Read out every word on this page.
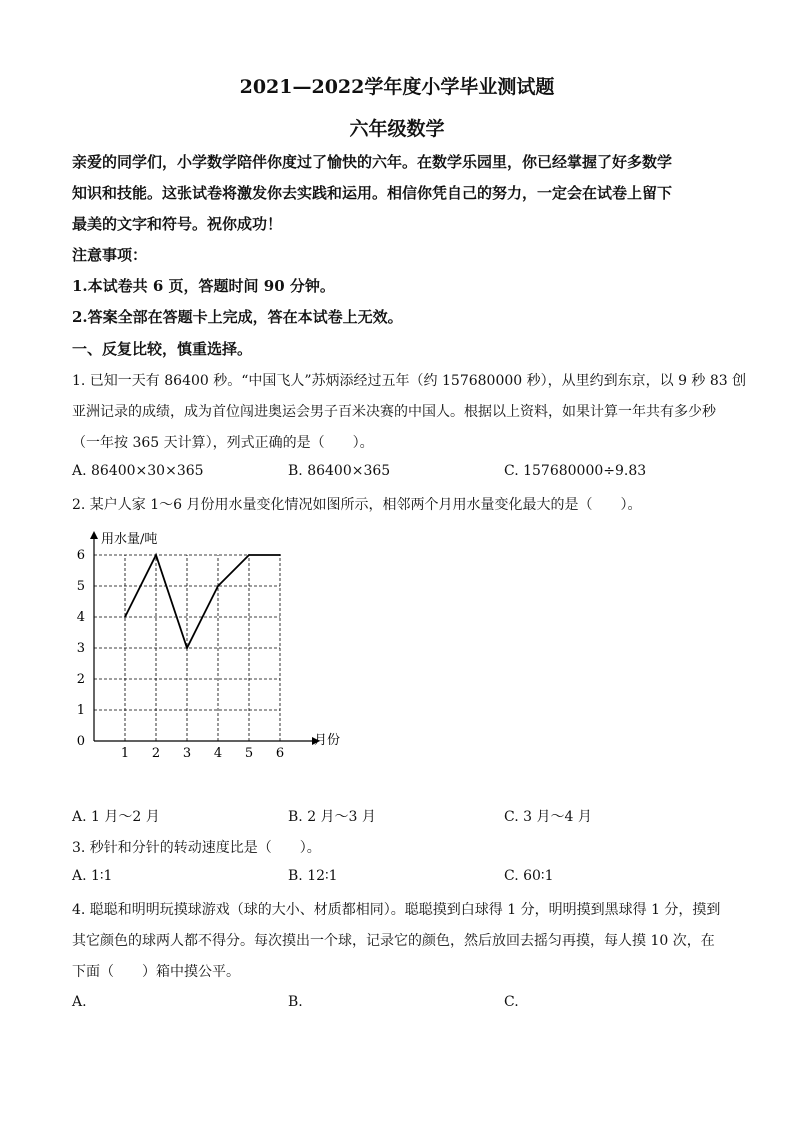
2021—2022学年度小学毕业测试题
六年级数学
亲爱的同学们，小学数学陪伴你度过了愉快的六年。在数学乐园里，你已经掌握了好多数学
知识和技能。这张试卷将激发你去实践和运用。相信你凭自己的努力，一定会在试卷上留下
最美的文字和符号。祝你成功！
注意事项：
1.本试卷共 6 页，答题时间 90 分钟。
2.答案全部在答题卡上完成，答在本试卷上无效。
一、反复比较，慎重选择。
1. 已知一天有 86400 秒。“中国飞人”苏炳添经过五年（约 157680000 秒），从里约到东京，以 9 秒 83 创
亚洲记录的成绩，成为首位闯进奥运会男子百米决赛的中国人。根据以上资料，如果计算一年共有多少秒
（一年按 365 天计算），列式正确的是（　　）。
A. 86400×30×365	B. 86400×365	C. 157680000÷9.83
2. 某户人家 1～6 月份用水量变化情况如图所示，相邻两个月用水量变化最大的是（　　）。
1 2 3 4 5 6
0
1
2
3
4
5
6
用水量/吨
月份
A. 1 月～2 月	B. 2 月～3 月	C. 3 月～4 月
3. 秒针和分针的转动速度比是（　　）。
A. 1∶1	B. 12∶1	C. 60∶1
4. 聪聪和明明玩摸球游戏（球的大小、材质都相同）。聪聪摸到白球得 1 分，明明摸到黑球得 1 分，摸到
其它颜色的球两人都不得分。每次摸出一个球，记录它的颜色，然后放回去摇匀再摸，每人摸 10 次，在
下面（　　）箱中摸公平。
A.	B.	C.
